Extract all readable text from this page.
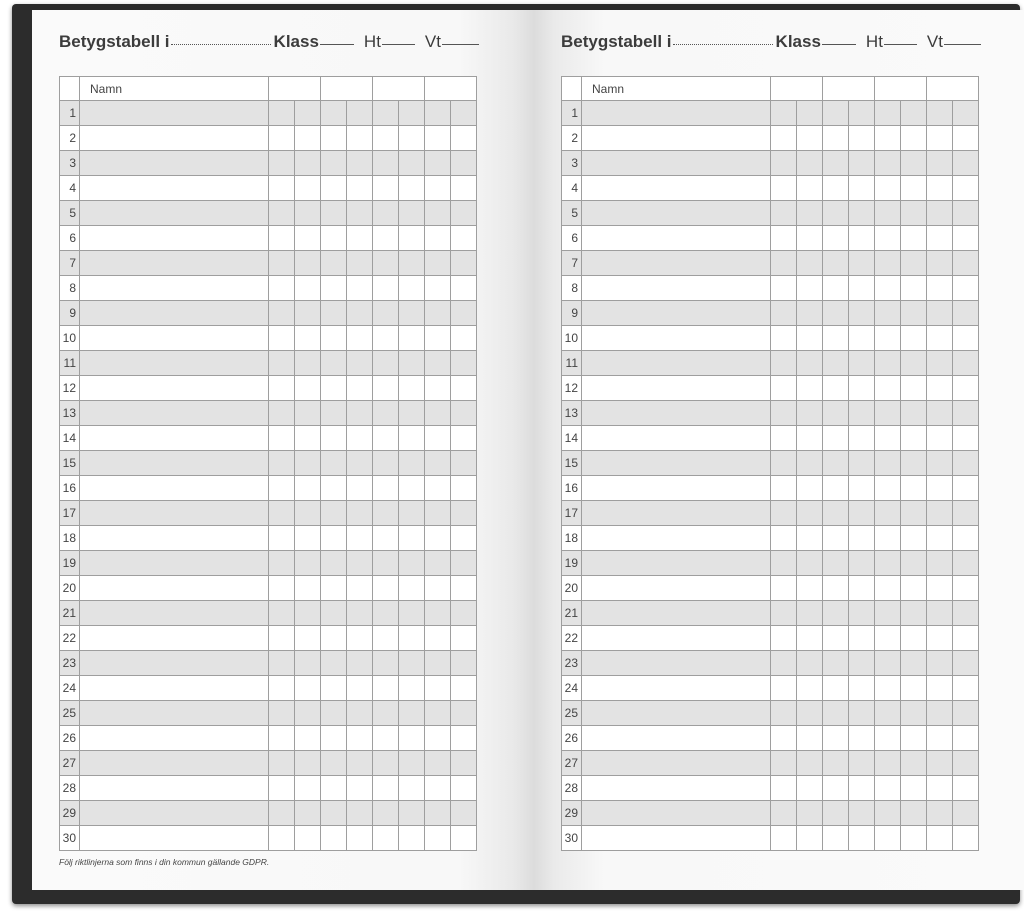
Betygstabell i	Klass	Ht	Vt
	Namn								
1									
2									
3									
4									
5									
6									
7									
8									
9									
10									
11									
12									
13									
14									
15									
16									
17									
18									
19									
20									
21									
22									
23									
24									
25									
26									
27									
28									
29									
30									
Följ riktlinjerna som finns i din kommun gällande GDPR.
Betygstabell i	Klass	Ht	Vt
	Namn								
1									
2									
3									
4									
5									
6									
7									
8									
9									
10									
11									
12									
13									
14									
15									
16									
17									
18									
19									
20									
21									
22									
23									
24									
25									
26									
27									
28									
29									
30									
